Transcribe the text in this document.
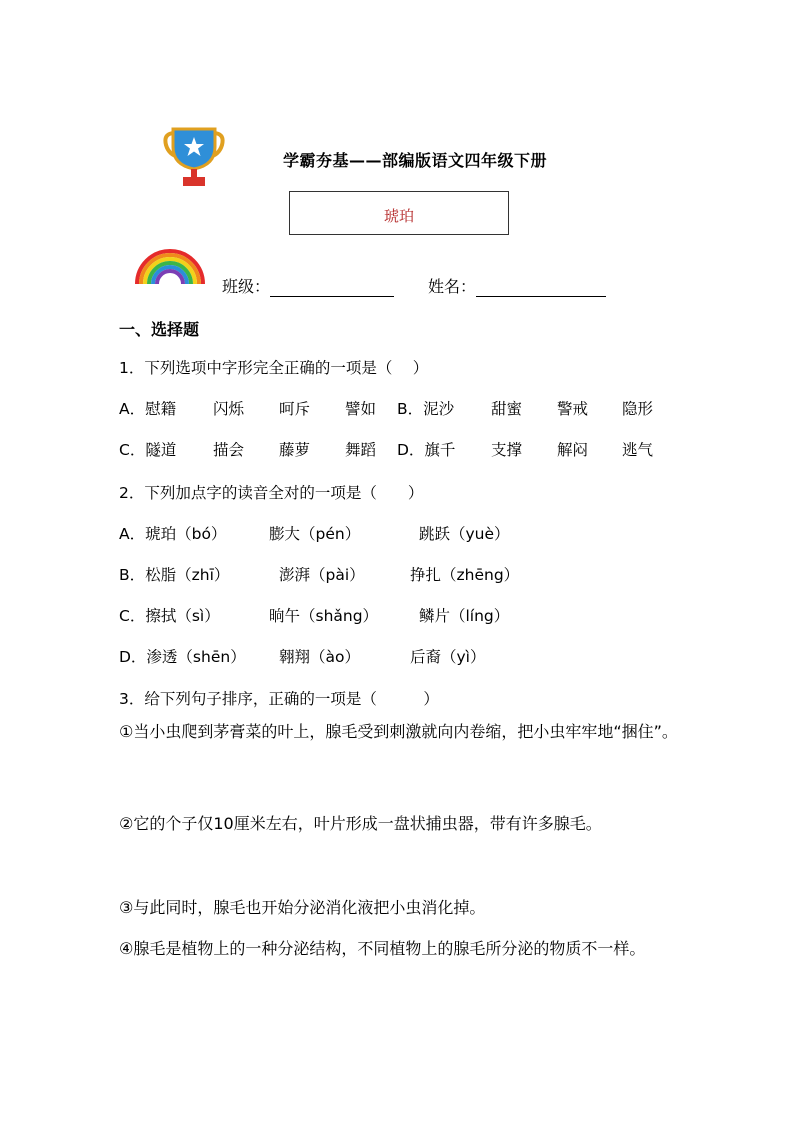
学霸夯基——部编版语文四年级下册
琥珀
班级：	姓名：
一、选择题
1．下列选项中字形完全正确的一项是（　 ）
A．慰籍 闪烁 呵斥 譬如 B．泥沙 甜蜜 警戒 隐形
C．隧道 描会 藤萝 舞蹈 D．旗千 支撑 解闷 逃气
2．下列加点字的读音全对的一项是（　　）
A．琥珀（bó）	膨大（pén）	跳跃（yuè）
B．松脂（zhī）	澎湃（pài）	挣扎（zhēng）
C．擦拭（sì）	晌午（shǎng）	鳞片（líng）
D．渗透（shēn） 翱翔（ào）	后裔（yì）
3．给下列句子排序，正确的一项是（　　　）
①当小虫爬到茅膏菜的叶上，腺毛受到刺激就向内卷缩，把小虫牢牢地“捆住”。
②它的个子仅10厘米左右，叶片形成一盘状捕虫器，带有许多腺毛。
③与此同时，腺毛也开始分泌消化液把小虫消化掉。
④腺毛是植物上的一种分泌结构，不同植物上的腺毛所分泌的物质不一样。
